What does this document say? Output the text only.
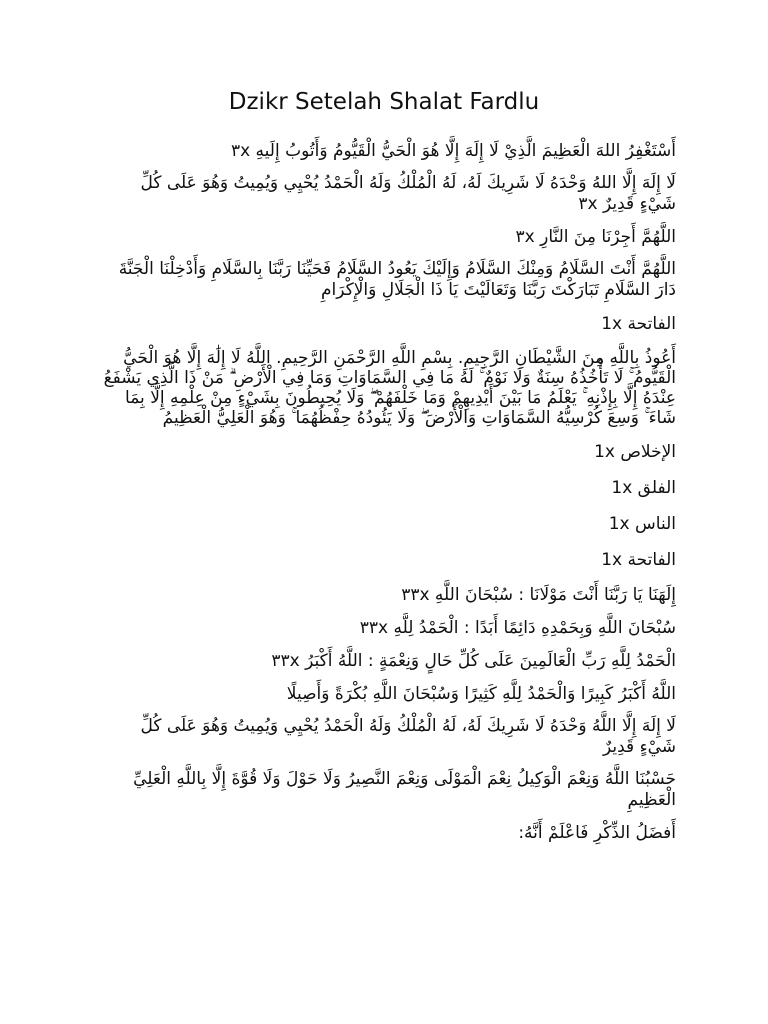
Dzikr Setelah Shalat Fardlu

أَسْتَغْفِرُ اللهَ الْعَظِيمَ الَّذِيْ لَا إِلَهَ إِلَّا هُوَ الْحَيُّ الْقَيُّومُ وَأَتُوبُ إِلَيهِ ٣x

لَا إِلَهَ إِلَّا اللهُ وَحْدَهُ لَا شَرِيكَ لَهُ، لَهُ الْمُلْكُ وَلَهُ الْحَمْدُ يُحْيِي وَيُمِيتُ وَهُوَ عَلَى كُلِّ شَيْءٍ قَدِيرٌ ٣x

اللَّهُمَّ أَجِرْنَا مِنَ النَّارِ ٣x

اللَّهُمَّ أَنْتَ السَّلَامُ وَمِنْكَ السَّلَامُ وَإِلَيْكَ يَعُودُ السَّلَامُ فَحَيِّنَا رَبَّنَا بِالسَّلَامِ وَأَدْخِلْنَا الْجَنَّةَ دَارَ السَّلَامِ تَبَارَكْتَ رَبَّنَا وَتَعَالَيْتَ يَا ذَا الْجَلَالِ وَالْإِكْرَامِ

الفاتحة 1x

أَعُوذُ بِاللَّهِ مِنَ الشَّيْطَانِ الرَّجِيمِ. بِسْمِ اللَّهِ الرَّحْمَنِ الرَّحِيمِ. اللَّهُ لَا إِلَٰهَ إِلَّا هُوَ الْحَيُّ الْقَيُّومُ ۚ لَا تَأْخُذُهُ سِنَةٌ وَلَا نَوْمٌ ۚ لَهُ مَا فِي السَّمَاوَاتِ وَمَا فِي الْأَرْضِ ۗ مَنْ ذَا الَّذِي يَشْفَعُ عِنْدَهُ إِلَّا بِإِذْنِهِ ۚ يَعْلَمُ مَا بَيْنَ أَيْدِيهِمْ وَمَا خَلْفَهُمْ ۖ وَلَا يُحِيطُونَ بِشَيْءٍ مِنْ عِلْمِهِ إِلَّا بِمَا شَاءَ ۚ وَسِعَ كُرْسِيُّهُ السَّمَاوَاتِ وَالْأَرْضَ ۖ وَلَا يَئُودُهُ حِفْظُهُمَا ۚ وَهُوَ الْعَلِيُّ الْعَظِيمُ

الإخلاص 1x

الفلق 1x

الناس 1x

الفاتحة 1x

إِلَهَنَا يَا رَبَّنَا أَنْتَ مَوْلَانَا : سُبْحَانَ اللَّهِ ٣٣x

سُبْحَانَ اللَّهِ وَبِحَمْدِهِ دَائِمًا أَبَدًا : الْحَمْدُ لِلَّهِ ٣٣x

الْحَمْدُ لِلَّهِ رَبِّ الْعَالَمِينَ عَلَى كُلِّ حَالٍ وَنِعْمَةٍ : اللَّهُ أَكْبَرُ ٣٣x

اللَّهُ أَكْبَرُ كَبِيرًا وَالْحَمْدُ لِلَّهِ كَثِيرًا وَسُبْحَانَ اللَّهِ بُكْرَةً وَأَصِيلًا

لَا إِلَهَ إِلَّا اللَّهُ وَحْدَهُ لَا شَرِيكَ لَهُ، لَهُ الْمُلْكُ وَلَهُ الْحَمْدُ يُحْيِي وَيُمِيتُ وَهُوَ عَلَى كُلِّ شَيْءٍ قَدِيرٌ

حَسْبُنَا اللَّهُ وَنِعْمَ الْوَكِيلُ نِعْمَ الْمَوْلَى وَنِعْمَ النَّصِيرُ وَلَا حَوْلَ وَلَا قُوَّةَ إِلَّا بِاللَّهِ الْعَلِيِّ الْعَظِيمِ

أَفضَلُ الذِّكْرِ فَاعْلَمْ أَنَّهُ:
